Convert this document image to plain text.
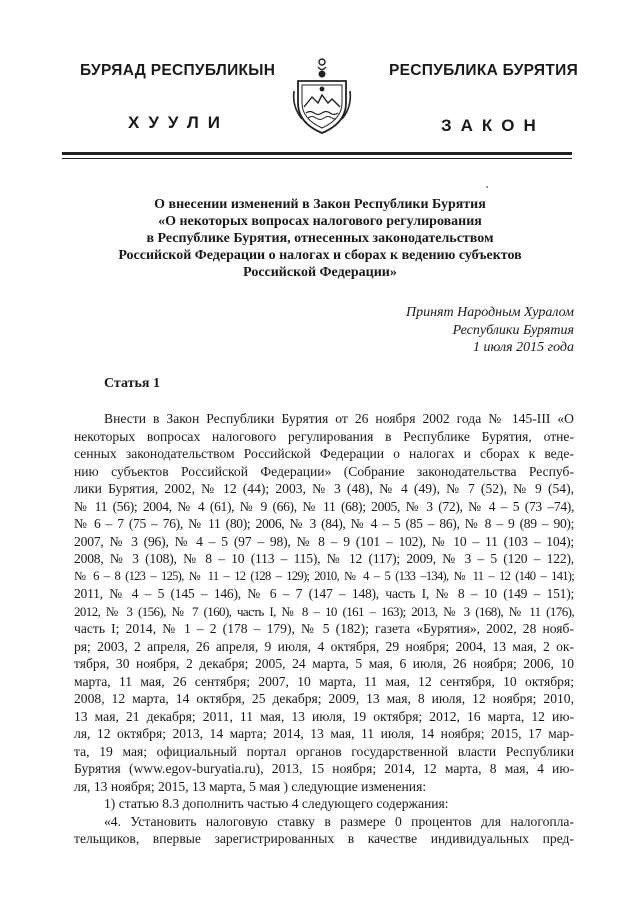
БУРЯАД РЕСПУБЛИКЫН	РЕСПУБЛИКА БУРЯТИЯ
ХУУЛИ	ЗАКОН
О внесении изменений в Закон Республики Бурятия
«О некоторых вопросах налогового регулирования
в Республике Бурятия, отнесенных законодательством
Российской Федерации о налогах и сборах к ведению субъектов
Российской Федерации»
Принят Народным Хуралом
Республики Бурятия
1 июля 2015 года
Статья 1
Внести в Закон Республики Бурятия от 26 ноября 2002 года № 145-III «О
некоторых вопросах налогового регулирования в Республике Бурятия, отне-
сенных законодательством Российской Федерации о налогах и сборах к веде-
нию субъектов Российской Федерации» (Собрание законодательства Респуб-
лики Бурятия, 2002, № 12 (44); 2003, № 3 (48), № 4 (49), № 7 (52), № 9 (54),
№ 11 (56); 2004, № 4 (61), № 9 (66), № 11 (68); 2005, № 3 (72), № 4 – 5 (73 –74),
№ 6 – 7 (75 – 76), № 11 (80); 2006, № 3 (84), № 4 – 5 (85 – 86), № 8 – 9 (89 – 90);
2007, № 3 (96), № 4 – 5 (97 – 98), № 8 – 9 (101 – 102), № 10 – 11 (103 – 104);
2008, № 3 (108), № 8 – 10 (113 – 115), № 12 (117); 2009, № 3 – 5 (120 – 122),
№ 6 – 8 (123 – 125), № 11 – 12 (128 – 129); 2010, № 4 – 5 (133 –134), № 11 – 12 (140 – 141);
2011, № 4 – 5 (145 – 146), № 6 – 7 (147 – 148), часть I, № 8 – 10 (149 – 151);
2012, № 3 (156), № 7 (160), часть I, № 8 – 10 (161 – 163); 2013, № 3 (168), № 11 (176),
часть I; 2014, № 1 – 2 (178 – 179), № 5 (182); газета «Бурятия», 2002, 28 нояб-
ря; 2003, 2 апреля, 26 апреля, 9 июля, 4 октября, 29 ноября; 2004, 13 мая, 2 ок-
тября, 30 ноября, 2 декабря; 2005, 24 марта, 5 мая, 6 июля, 26 ноября; 2006, 10
марта, 11 мая, 26 сентября; 2007, 10 марта, 11 мая, 12 сентября, 10 октября;
2008, 12 марта, 14 октября, 25 декабря; 2009, 13 мая, 8 июля, 12 ноября; 2010,
13 мая, 21 декабря; 2011, 11 мая, 13 июля, 19 октября; 2012, 16 марта, 12 ию-
ля, 12 октября; 2013, 14 марта; 2014, 13 мая, 11 июля, 14 ноября; 2015, 17 мар-
та, 19 мая; официальный портал органов государственной власти Республики
Бурятия (www.egov-buryatia.ru), 2013, 15 ноября; 2014, 12 марта, 8 мая, 4 ию-
ля, 13 ноября; 2015, 13 марта, 5 мая ) следующие изменения:
1) статью 8.3 дополнить частью 4 следующего содержания:
«4. Установить налоговую ставку в размере 0 процентов для налогопла-
тельщиков, впервые зарегистрированных в качестве индивидуальных пред-
